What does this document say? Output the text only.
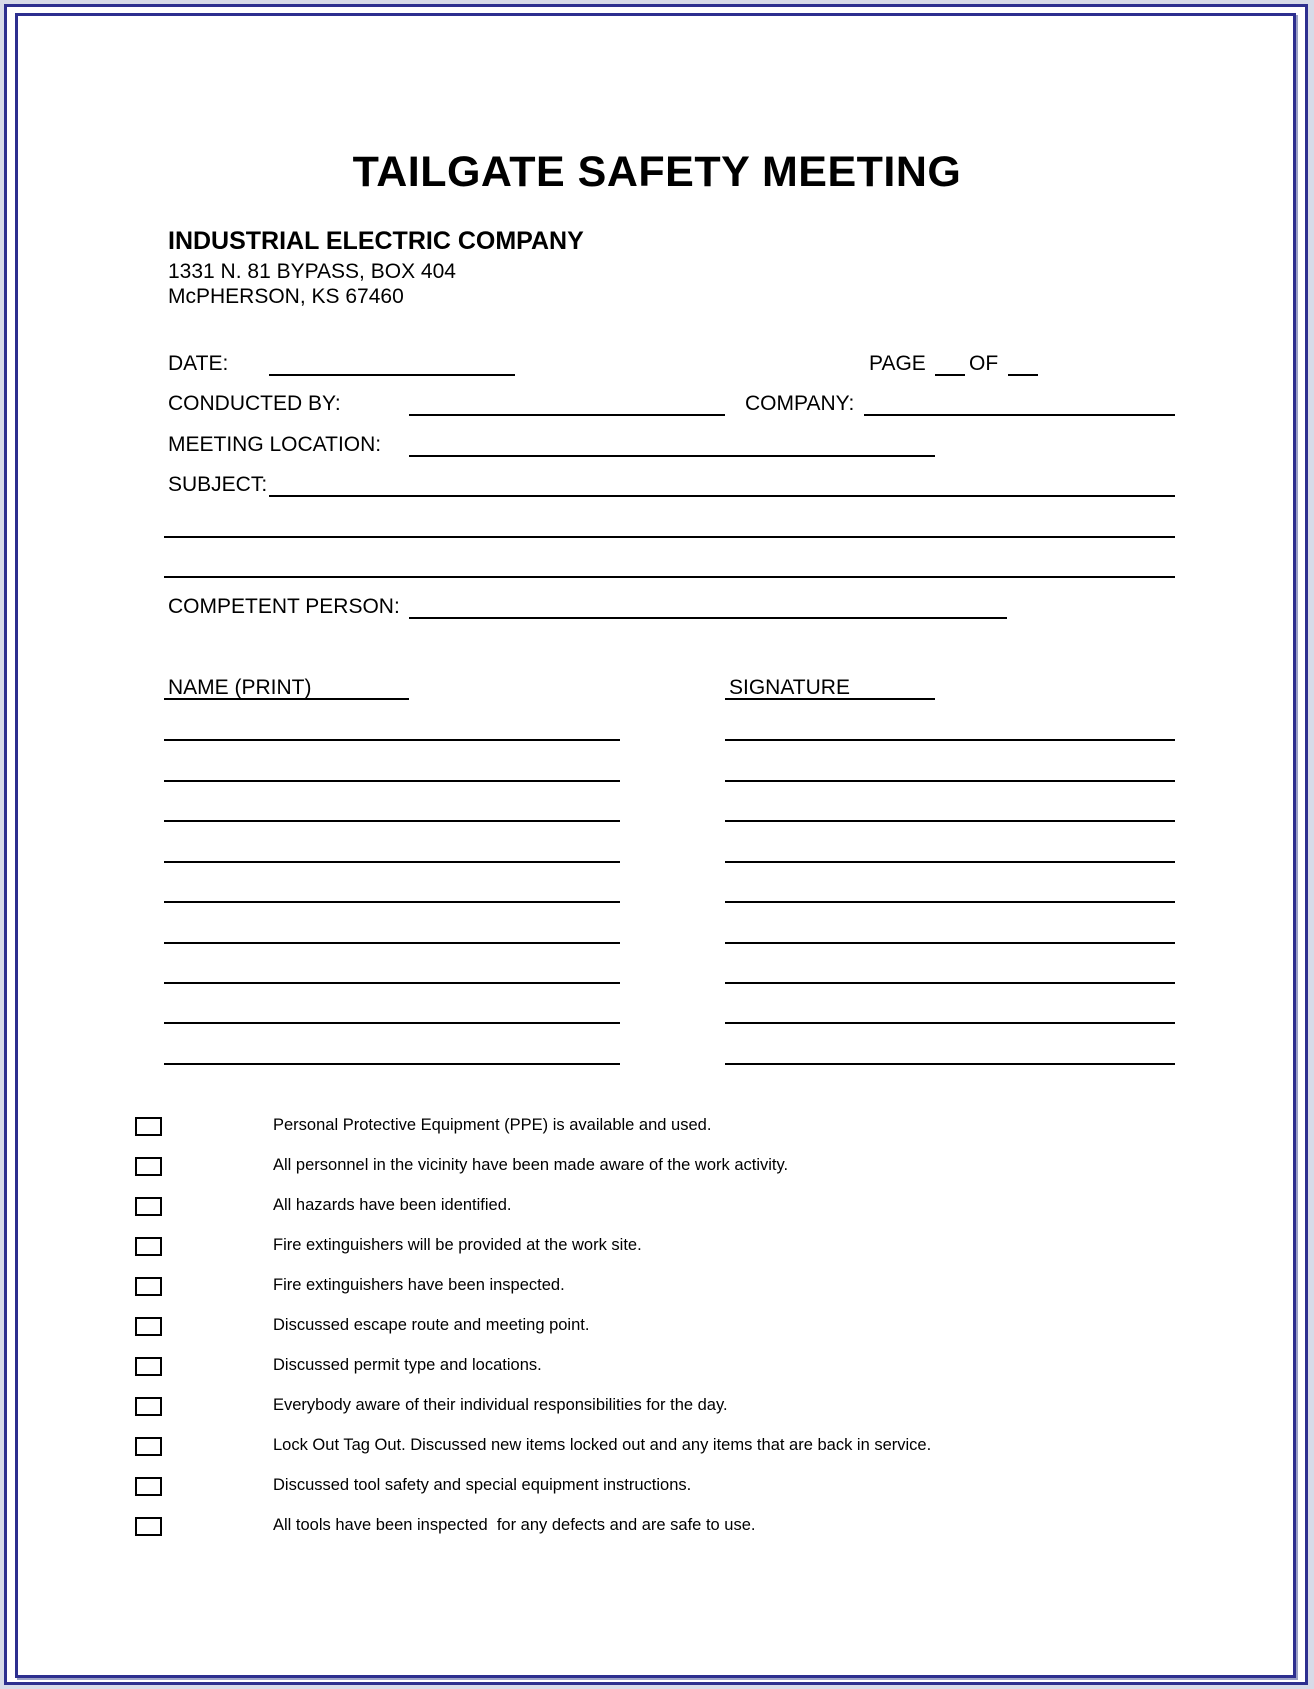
TAILGATE SAFETY MEETING
INDUSTRIAL ELECTRIC COMPANY
1331 N. 81 BYPASS, BOX 404
McPHERSON, KS 67460
DATE:	PAGE OF
CONDUCTED BY:	COMPANY:
MEETING LOCATION:
SUBJECT:
COMPETENT PERSON:
NAME (PRINT)	SIGNATURE
Personal Protective Equipment (PPE) is available and used.
All personnel in the vicinity have been made aware of the work activity.
All hazards have been identified.
Fire extinguishers will be provided at the work site.
Fire extinguishers have been inspected.
Discussed escape route and meeting point.
Discussed permit type and locations.
Everybody aware of their individual responsibilities for the day.
Lock Out Tag Out. Discussed new items locked out and any items that are back in service.
Discussed tool safety and special equipment instructions.
All tools have been inspected  for any defects and are safe to use.
